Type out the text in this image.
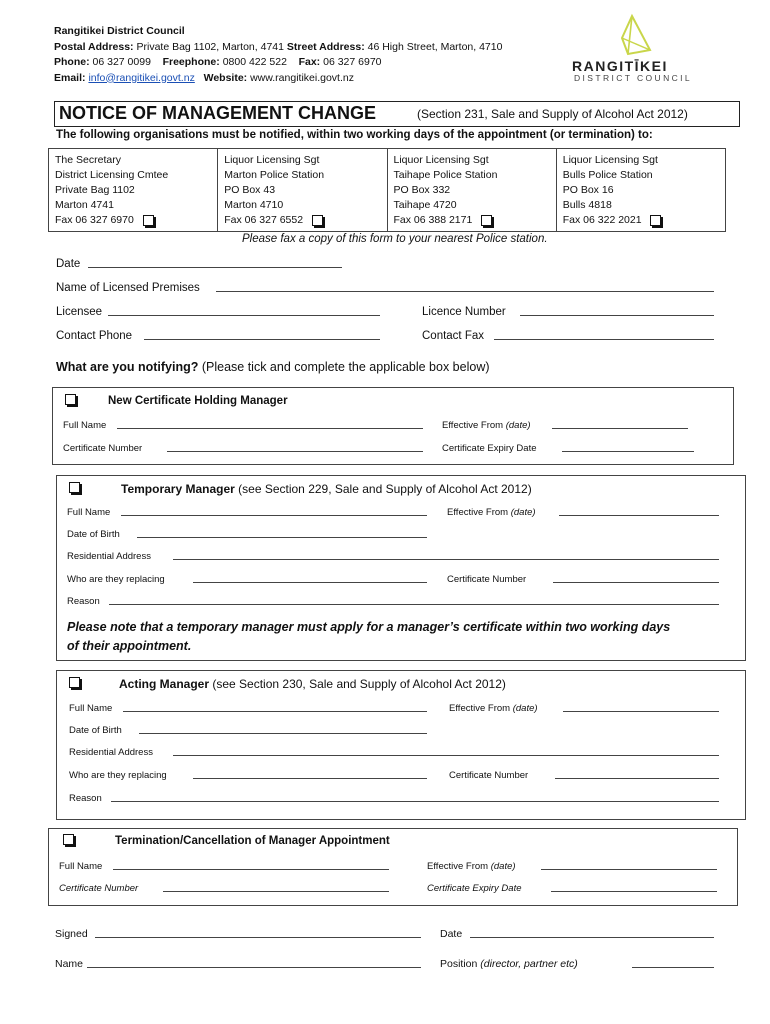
Rangitikei District Council
Postal Address: Private Bag 1102, Marton, 4741 Street Address: 46 High Street, Marton, 4710
Phone: 06 327 0099 Freephone: 0800 422 522 Fax: 06 327 6970
Email: info@rangitikei.govt.nz Website: www.rangitikei.govt.nz
RANGITĪKEI
DISTRICT COUNCIL
NOTICE OF MANAGEMENT CHANGE	(Section 231, Sale and Supply of Alcohol Act 2012)
The following organisations must be notified, within two working days of the appointment (or termination) to:
The Secretary
District Licensing Cmtee
Private Bag 1102
Marton 4741
Fax 06 327 6970
Liquor Licensing Sgt
Marton Police Station
PO Box 43
Marton 4710
Fax 06 327 6552
Liquor Licensing Sgt
Taihape Police Station
PO Box 332
Taihape 4720
Fax 06 388 2171
Liquor Licensing Sgt
Bulls Police Station
PO Box 16
Bulls 4818
Fax 06 322 2021
Please fax a copy of this form to your nearest Police station.
Date
Name of Licensed Premises
Licensee	Licence Number
Contact Phone	Contact Fax
What are you notifying? (Please tick and complete the applicable box below)
New Certificate Holding Manager
Full Name	Effective From (date)
Certificate Number	Certificate Expiry Date
Temporary Manager (see Section 229, Sale and Supply of Alcohol Act 2012)
Full Name	Effective From (date)
Date of Birth
Residential Address
Who are they replacing	Certificate Number
Reason
Please note that a temporary manager must apply for a manager’s certificate within two working days
of their appointment.
Acting Manager (see Section 230, Sale and Supply of Alcohol Act 2012)
Full Name	Effective From (date)
Date of Birth
Residential Address
Who are they replacing	Certificate Number
Reason
Termination/Cancellation of Manager Appointment
Full Name	Effective From (date)
Certificate Number	Certificate Expiry Date
Signed	Date
Name	Position (director, partner etc)
